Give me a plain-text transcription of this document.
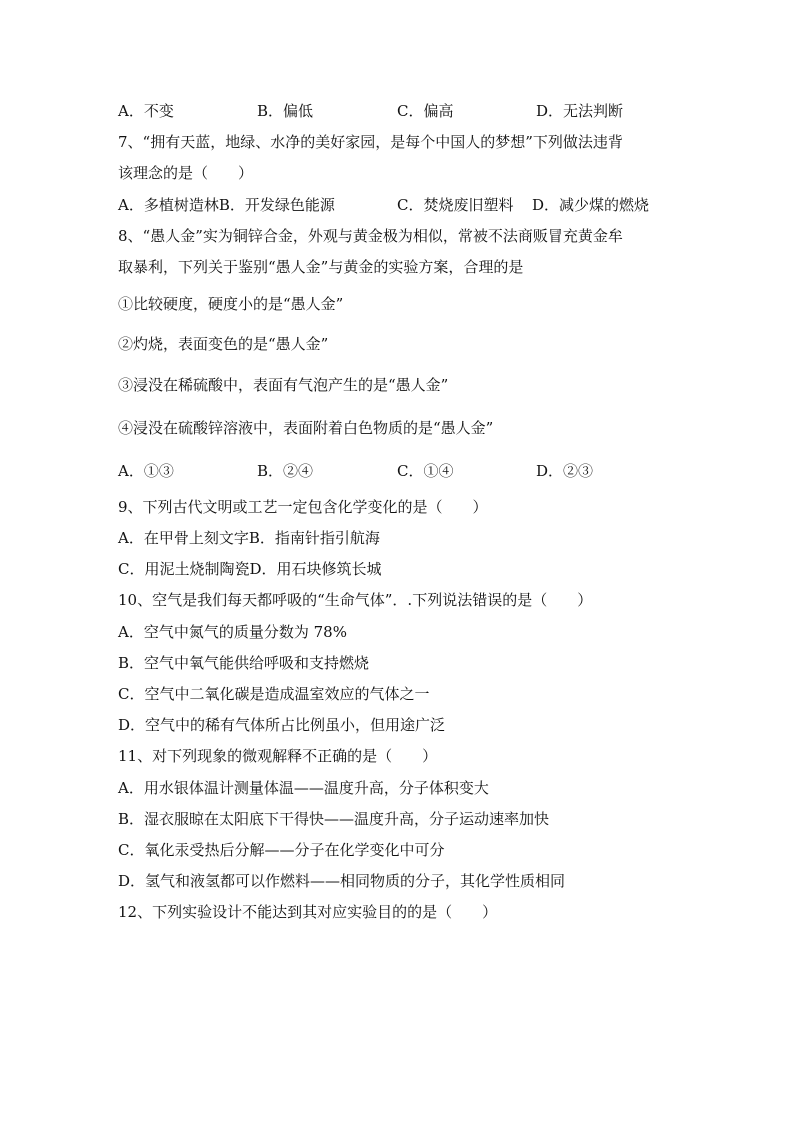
A．不变	B．偏低	C．偏高	D．无法判断
7、“拥有天蓝，地绿、水净的美好家园，是每个中国人的梦想”下列做法违背
该理念的是（　　）
A．多植树造林B．开发绿色能源	C．焚烧废旧塑料 D．减少煤的燃烧
8、“愚人金”实为铜锌合金，外观与黄金极为相似，常被不法商贩冒充黄金牟
取暴利，下列关于鉴别“愚人金”与黄金的实验方案，合理的是
①比较硬度，硬度小的是“愚人金”
②灼烧，表面变色的是“愚人金”
③浸没在稀硫酸中，表面有气泡产生的是“愚人金”
④浸没在硫酸锌溶液中，表面附着白色物质的是“愚人金”
A．①③	B．②④	C．①④	D．②③
9、下列古代文明或工艺一定包含化学变化的是（　　）
A．在甲骨上刻文字B．指南针指引航海
C．用泥土烧制陶瓷D．用石块修筑长城
10、空气是我们每天都呼吸的“生命气体”．.下列说法错误的是（　　）
A．空气中氮气的质量分数为 78%
B．空气中氧气能供给呼吸和支持燃烧
C．空气中二氧化碳是造成温室效应的气体之一
D．空气中的稀有气体所占比例虽小，但用途广泛
11、对下列现象的微观解释不正确的是（　　）
A．用水银体温计测量体温——温度升高，分子体积变大
B．湿衣服晾在太阳底下干得快——温度升高，分子运动速率加快
C．氧化汞受热后分解——分子在化学变化中可分
D．氢气和液氢都可以作燃料——相同物质的分子，其化学性质相同
12、下列实验设计不能达到其对应实验目的的是（　　）
